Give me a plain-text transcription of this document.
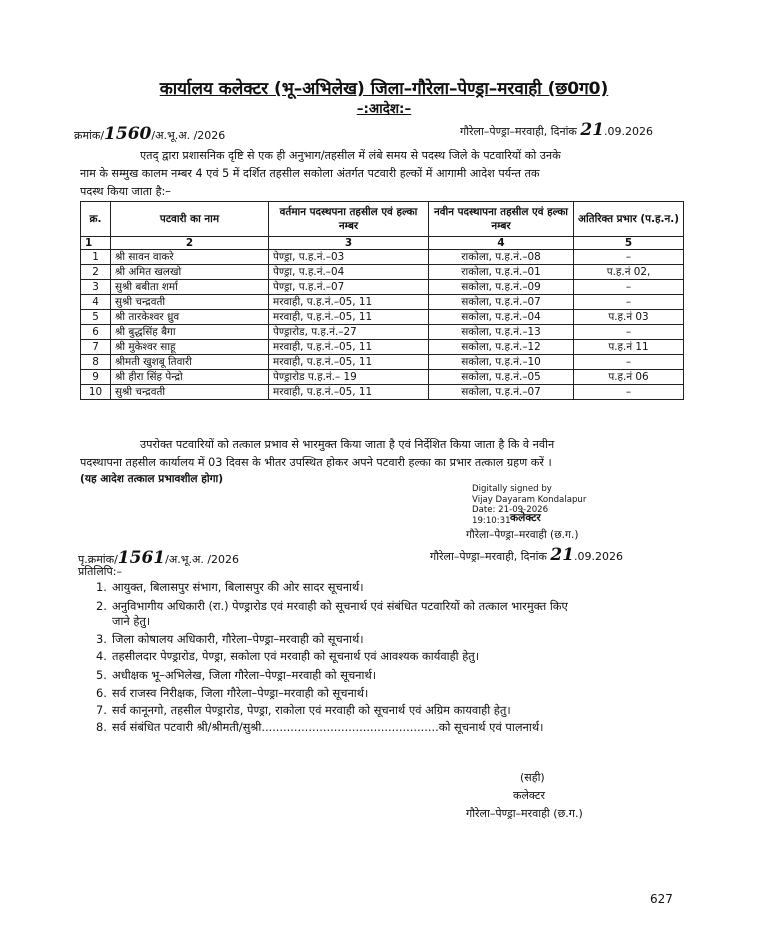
कार्यालय कलेक्टर (भू–अभिलेख) जिला–गौरेला–पेण्ड्रा–मरवाही (छ0ग0)
–:आदेश:–
क्रमांक/1560/अ.भू.अ. /2026	गौरेला–पेण्ड्रा–मरवाही, दिनांक 21.09.2026
एतद् द्वारा प्रशासनिक दृष्टि से एक ही अनुभाग/तहसील में लंबे समय से पदस्थ जिले के पटवारियों को उनके
नाम के सम्मुख कालम नम्बर 4 एवं 5 में दर्शित तहसील सकोला अंतर्गत पटवारी हल्कों में आगामी आदेश पर्यन्त तक
पदस्थ किया जाता है:–
क्र.	पटवारी का नाम	वर्तमान पदस्थपना तहसील एवं हल्का नम्बर	नवीन पदस्थापना तहसील एवं हल्का नम्बर	अतिरिक्त प्रभार (प.ह.न.)
1	2	3	4	5
1	श्री सावन वाकरे	पेण्ड्रा, प.ह.नं.–03	राकोला, प.ह.नं.–08	–
2	श्री अमित खलखो	पेण्ड्रा, प.ह.नं.–04	राकोला, प.ह.नं.–01	प.ह.नं 02,
3	सुश्री बबीता शर्मा	पेण्ड्रा, प.ह.नं.–07	सकोला, प.ह.नं.–09	–
4	सुश्री चन्द्रवती	मरवाही, प.ह.नं.–05, 11	सकोला, प.ह.नं.–07	–
5	श्री तारकेश्वर ध्रुव	मरवाही, प.ह.नं.–05, 11	सकोला, प.ह.नं.–04	प.ह.नं 03
6	श्री बुद्धसिंह बैगा	पेण्ड्रारोड, प.ह.नं.–27	सकोला, प.ह.नं.–13	–
7	श्री मुकेश्वर साहू	मरवाही, प.ह.नं.–05, 11	सकोला, प.ह.नं.–12	प.ह.नं 11
8	श्रीमती खुशबू तिवारी	मरवाही, प.ह.नं.–05, 11	सकोला, प.ह.नं.–10	–
9	श्री हीरा सिंह पेन्द्रो	पेण्ड्रारोड प.ह.नं.– 19	सकोला, प.ह.नं.–05	प.ह.नं 06
10	सुश्री चन्द्रवती	मरवाही, प.ह.नं.–05, 11	सकोला, प.ह.नं.–07	–
उपरोक्त पटवारियों को तत्काल प्रभाव से भारमुक्त किया जाता है एवं निर्देशित किया जाता है कि वे नवीन
पदस्थापना तहसील कार्यालय में 03 दिवस के भीतर उपस्थित होकर अपने पटवारी हल्का का प्रभार तत्काल ग्रहण करें ।
(यह आदेश तत्काल प्रभावशील होगा)
Digitally signed by
Vijay Dayaram Kondalapur
Date: 21-09-2026
19:10:31 कलेक्टर
गौरेला–पेण्ड्रा–मरवाही (छ.ग.)
पृ.क्रमांक/1561/अ.भू.अ. /2026	गौरेला–पेण्ड्रा–मरवाही, दिनांक 21.09.2026
प्रतिलिपि:–
1. आयुक्त, बिलासपुर संभाग, बिलासपुर की ओर सादर सूचनार्थ।
2. अनुविभागीय अधिकारी (रा.) पेण्ड्रारोड एवं मरवाही को सूचनार्थ एवं संबंधित पटवारियों को तत्काल भारमुक्त किए
जाने हेतु।
3. जिला कोषालय अधिकारी, गौरेला–पेण्ड्रा–मरवाही को सूचनार्थ।
4. तहसीलदार पेण्ड्रारोड, पेण्ड्रा, सकोला एवं मरवाही को सूचनार्थ एवं आवश्यक कार्यवाही हेतु।
5. अधीक्षक भू–अभिलेख, जिला गौरेला–पेण्ड्रा–मरवाही को सूचनार्थ।
6. सर्व राजस्व निरीक्षक, जिला गौरेला–पेण्ड्रा–मरवाही को सूचनार्थ।
7. सर्व कानूनगो, तहसील पेण्ड्रारोड, पेण्ड्रा, राकोला एवं मरवाही को सूचनार्थ एवं अग्रिम कायवाही हेतु।
8. सर्व संबंधित पटवारी श्री/श्रीमती/सुश्री.................................................को सूचनार्थ एवं पालनार्थ।
(सही)
कलेक्टर
गौरेला–पेण्ड्रा–मरवाही (छ.ग.)
627
